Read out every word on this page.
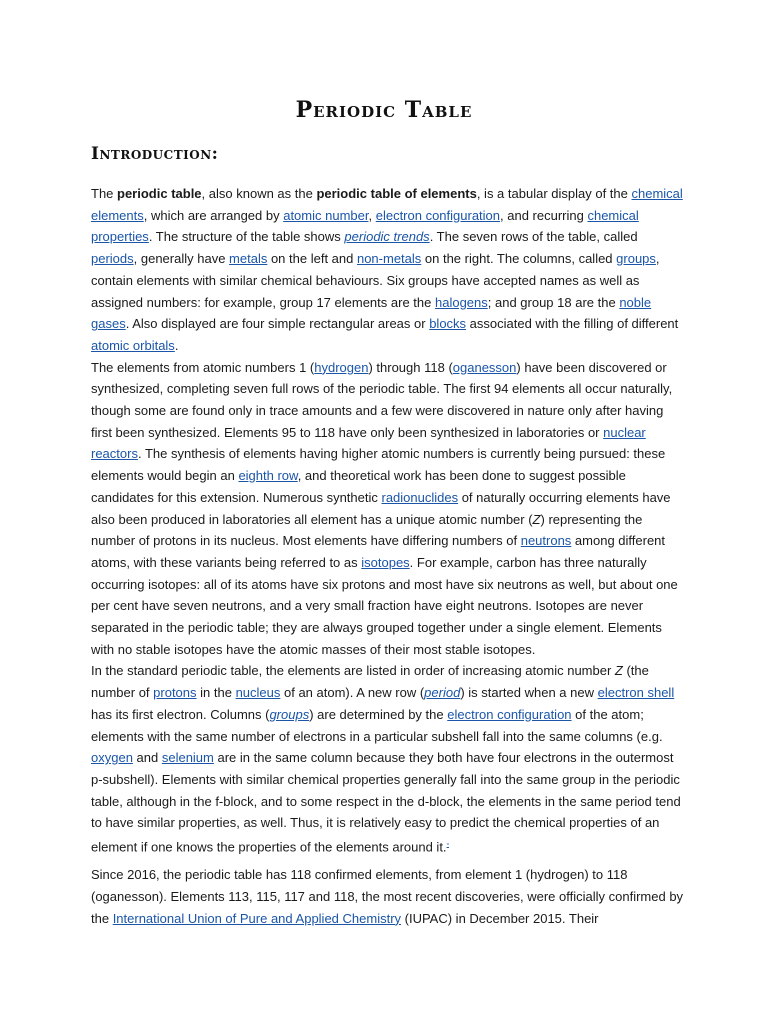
Periodic Table
Introduction:

The periodic table, also known as the periodic table of elements, is a tabular display of the chemical elements, which are arranged by atomic number, electron configuration, and recurring chemical properties. The structure of the table shows periodic trends. The seven rows of the table, called periods, generally have metals on the left and non-metals on the right. The columns, called groups, contain elements with similar chemical behaviours. Six groups have accepted names as well as assigned numbers: for example, group 17 elements are the halogens; and group 18 are the noble gases. Also displayed are four simple rectangular areas or blocks associated with the filling of different atomic orbitals.

The elements from atomic numbers 1 (hydrogen) through 118 (oganesson) have been discovered or synthesized, completing seven full rows of the periodic table. The first 94 elements all occur naturally, though some are found only in trace amounts and a few were discovered in nature only after having first been synthesized. Elements 95 to 118 have only been synthesized in laboratories or nuclear reactors. The synthesis of elements having higher atomic numbers is currently being pursued: these elements would begin an eighth row, and theoretical work has been done to suggest possible candidates for this extension. Numerous synthetic radionuclides of naturally occurring elements have also been produced in laboratories all element has a unique atomic number (Z) representing the number of protons in its nucleus. Most elements have differing numbers of neutrons among different atoms, with these variants being referred to as isotopes. For example, carbon has three naturally occurring isotopes: all of its atoms have six protons and most have six neutrons as well, but about one per cent have seven neutrons, and a very small fraction have eight neutrons. Isotopes are never separated in the periodic table; they are always grouped together under a single element. Elements with no stable isotopes have the atomic masses of their most stable isotopes.

In the standard periodic table, the elements are listed in order of increasing atomic number Z (the number of protons in the nucleus of an atom). A new row (period) is started when a new electron shell has its first electron. Columns (groups) are determined by the electron configuration of the atom; elements with the same number of electrons in a particular subshell fall into the same columns (e.g. oxygen and selenium are in the same column because they both have four electrons in the outermost p-subshell). Elements with similar chemical properties generally fall into the same group in the periodic table, although in the f-block, and to some respect in the d-block, the elements in the same period tend to have similar properties, as well. Thus, it is relatively easy to predict the chemical properties of an element if one knows the properties of the elements around it.▫

Since 2016, the periodic table has 118 confirmed elements, from element 1 (hydrogen) to 118 (oganesson). Elements 113, 115, 117 and 118, the most recent discoveries, were officially confirmed by the International Union of Pure and Applied Chemistry (IUPAC) in December 2015. Their
